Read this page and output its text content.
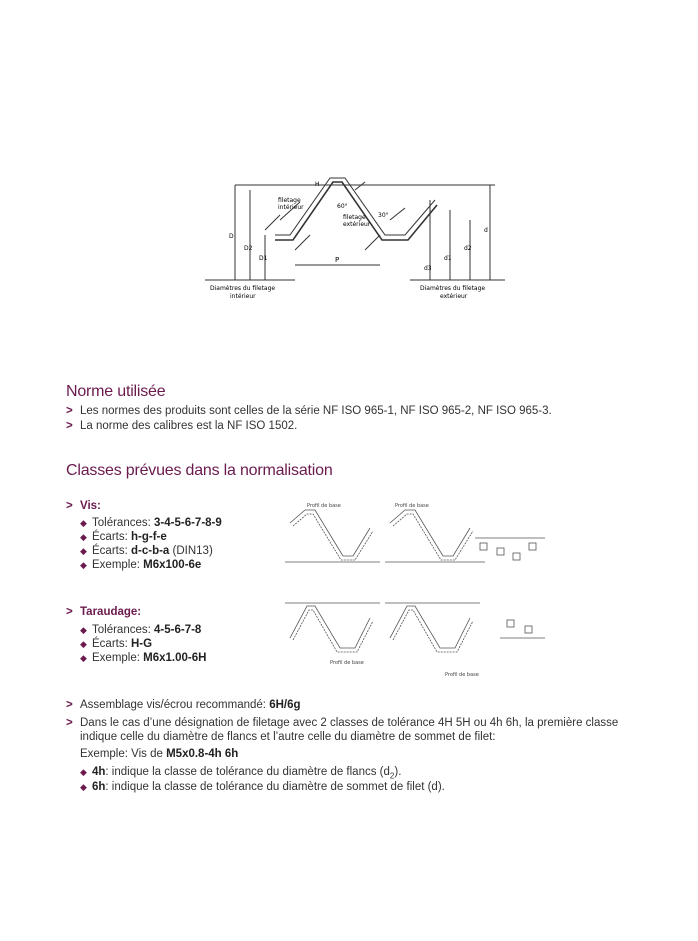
filetage
intérieur
filetage
extérieur
60°
30°
P
H
D
D2
D1
d
d2
d1
d3
Diamètres du filetage
intérieur
Diamètres du filetage
extérieur
Norme utilisée
> Les normes des produits sont celles de la série NF ISO 965-1, NF ISO 965-2, NF ISO 965-3.
> La norme des calibres est la NF ISO 1502.
Classes prévues dans la normalisation
> Vis:
◆ Tolérances: 3-4-5-6-7-8-9
◆ Écarts: h-g-f-e
◆ Écarts: d-c-b-a (DIN13)
◆ Exemple: M6x100-6e
Profil de base	Profil de base
> Taraudage:
◆ Tolérances: 4-5-6-7-8
◆ Écarts: H-G
◆ Exemple: M6x1.00-6H	Profil de base
Profil de base
> Assemblage vis/écrou recommandé: 6H/6g
> Dans le cas d’une désignation de filetage avec 2 classes de tolérance 4H 5H ou 4h 6h, la première classe
indique celle du diamètre de flancs et l’autre celle du diamètre de sommet de filet:
Exemple: Vis de M5x0.8-4h 6h
◆ 4h: indique la classe de tolérance du diamètre de flancs $(d_2)$.
◆ 6h: indique la classe de tolérance du diamètre de sommet de filet (d).
